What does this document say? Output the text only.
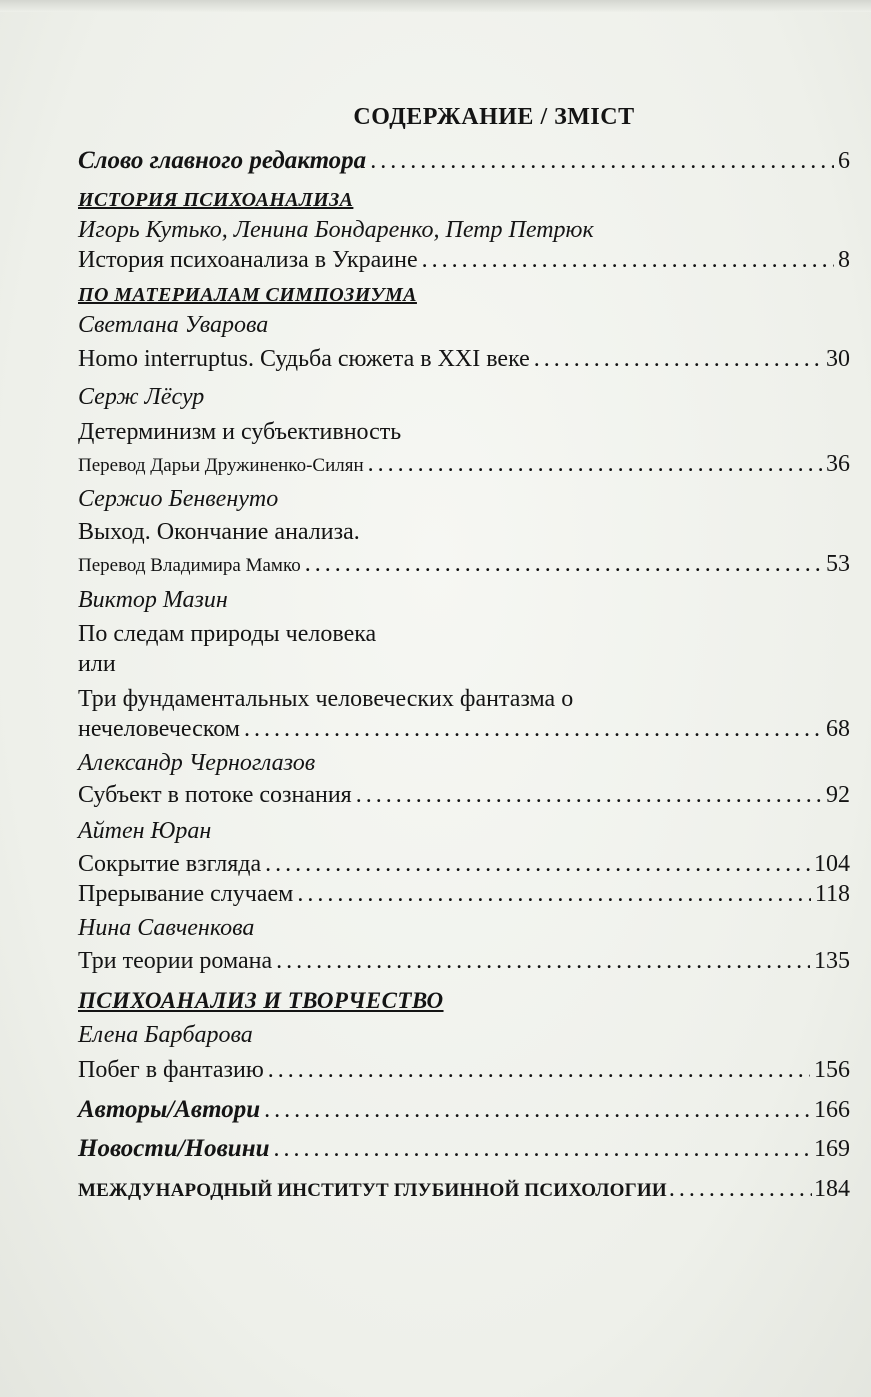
СОДЕРЖАНИЕ / ЗМІСТ
Слово главного редактора . . .	6
ИСТОРИЯ ПСИХОАНАЛИЗА
Игорь Кутько, Ленина Бондаренко, Петр Петрюк
История психоанализа в Украине . . .	8
ПО МАТЕРИАЛАМ СИМПОЗИУМА
Светлана Уварова
Homo interruptus. Судьба сюжета в XXI веке . . .	30
Серж Лёсур
Детерминизм и субъективность
Перевод Дарьи Дружиненко-Силян . . .	36
Сержио Бенвенуто
Выход. Окончание анализа.
Перевод Владимира Мамко . . .	53
Виктор Мазин
По следам природы человека
или
Три фундаментальных человеческих фантазма о
нечеловеческом . . .	68
Александр Черноглазов
Субъект в потоке сознания . . .	92
Айтен Юран
Сокрытие взгляда . . .	104
Прерывание случаем . . .	118
Нина Савченкова
Три теории романа . . .	135
ПСИХОАНАЛИЗ И ТВОРЧЕСТВО
Елена Барбарова
Побег в фантазию . . .	156
Авторы/Автори . . .	166
Новости/Новини . . .	169
МЕЖДУНАРОДНЫЙ ИНСТИТУТ ГЛУБИННОЙ ПСИХОЛОГИИ . . .	184
